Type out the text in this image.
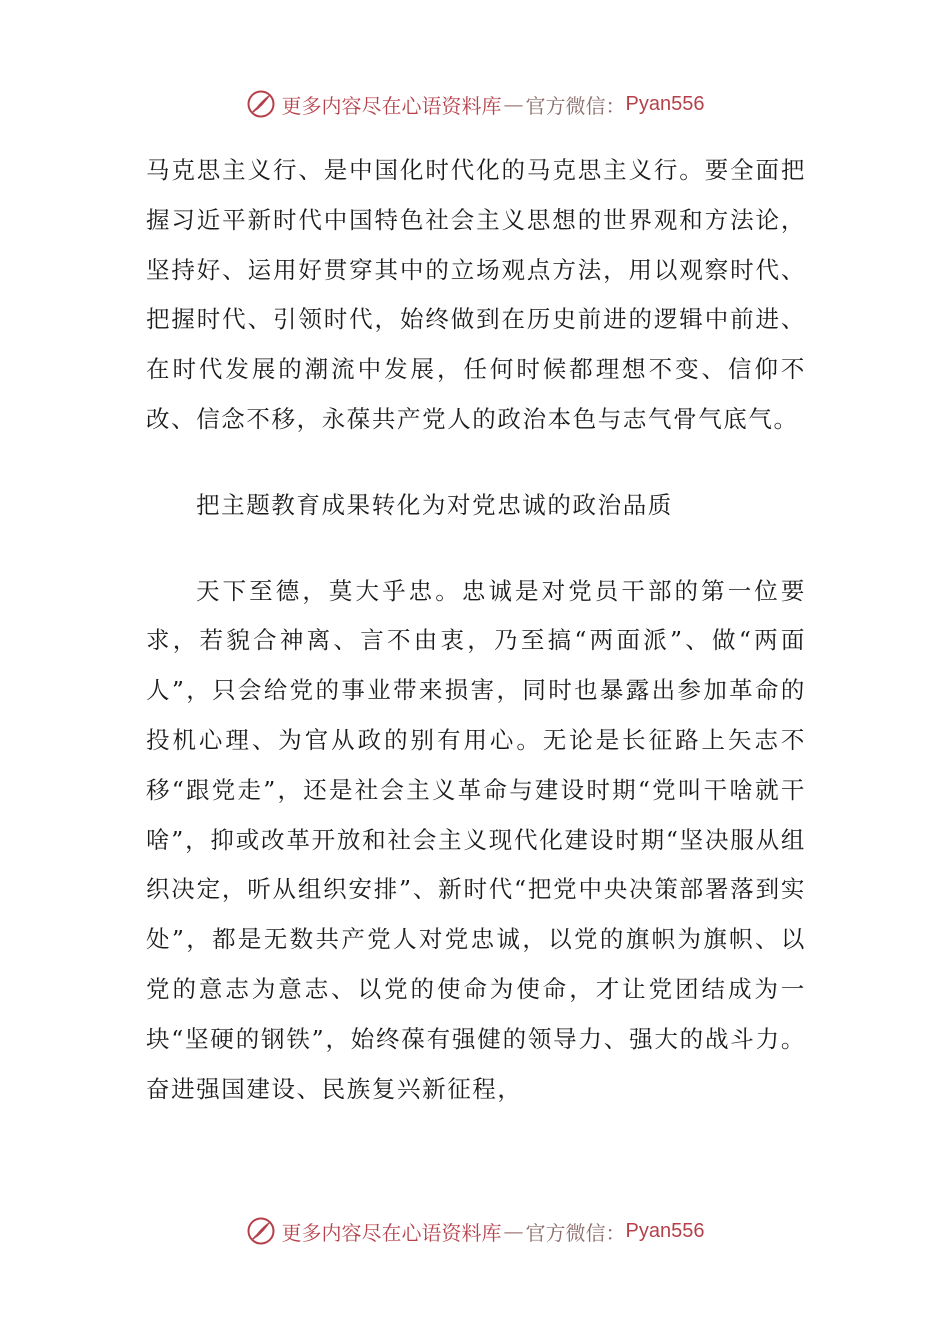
更多内容尽在心语资料库 — 官方微信： Pyan556

马克思主义行、是中国化时代化的马克思主义行。要全面把握习近平新时代中国特色社会主义思想的世界观和方法论，坚持好、运用好贯穿其中的立场观点方法，用以观察时代、把握时代、引领时代，始终做到在历史前进的逻辑中前进、在时代发展的潮流中发展，任何时候都理想不变、信仰不改、信念不移，永葆共产党人的政治本色与志气骨气底气。

把主题教育成果转化为对党忠诚的政治品质

天下至德，莫大乎忠。忠诚是对党员干部的第一位要求，若貌合神离、言不由衷，乃至搞“两面派”、做“两面人”，只会给党的事业带来损害，同时也暴露出参加革命的投机心理、为官从政的别有用心。无论是长征路上矢志不移“跟党走”，还是社会主义革命与建设时期“党叫干啥就干啥”，抑或改革开放和社会主义现代化建设时期“坚决服从组织决定，听从组织安排”、新时代“把党中央决策部署落到实处”，都是无数共产党人对党忠诚，以党的旗帜为旗帜、以党的意志为意志、以党的使命为使命，才让党团结成为一块“坚硬的钢铁”，始终葆有强健的领导力、强大的战斗力。奋进强国建设、民族复兴新征程，

更多内容尽在心语资料库 — 官方微信： Pyan556
